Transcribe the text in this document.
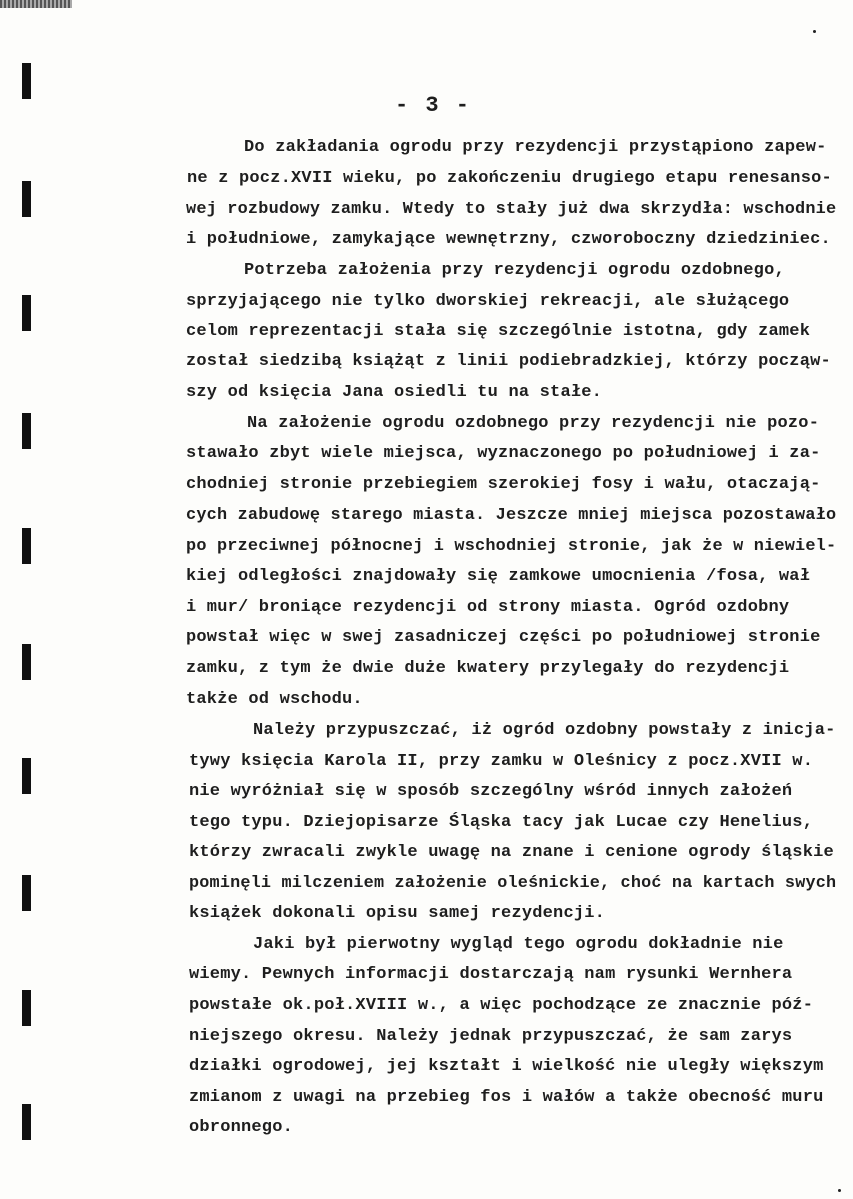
- 3 -
Do zakładania ogrodu przy rezydencji przystąpiono zapew-
ne z pocz.XVII wieku, po zakończeniu drugiego etapu renesanso-
wej rozbudowy zamku. Wtedy to stały już dwa skrzydła: wschodnie
i południowe, zamykające wewnętrzny, czworoboczny dziedziniec.
Potrzeba założenia przy rezydencji ogrodu ozdobnego,
sprzyjającego nie tylko dworskiej rekreacji, ale służącego
celom reprezentacji stała się szczególnie istotna, gdy zamek
został siedzibą książąt z linii podiebradzkiej, którzy począw-
szy od księcia Jana osiedli tu na stałe.
Na założenie ogrodu ozdobnego przy rezydencji nie pozo-
stawało zbyt wiele miejsca, wyznaczonego po południowej i za-
chodniej stronie przebiegiem szerokiej fosy i wału, otaczają-
cych zabudowę starego miasta. Jeszcze mniej miejsca pozostawało
po przeciwnej północnej i wschodniej stronie, jak że w niewiel-
kiej odległości znajdowały się zamkowe umocnienia /fosa, wał
i mur/ broniące rezydencji od strony miasta. Ogród ozdobny
powstał więc w swej zasadniczej części po południowej stronie
zamku, z tym że dwie duże kwatery przylegały do rezydencji
także od wschodu.
Należy przypuszczać, iż ogród ozdobny powstały z inicja-
tywy księcia Karola II, przy zamku w Oleśnicy z pocz.XVII w.
nie wyróżniał się w sposób szczególny wśród innych założeń
tego typu. Dziejopisarze Śląska tacy jak Lucae czy Henelius,
którzy zwracali zwykle uwagę na znane i cenione ogrody śląskie
pominęli milczeniem założenie oleśnickie, choć na kartach swych
książek dokonali opisu samej rezydencji.
Jaki był pierwotny wygląd tego ogrodu dokładnie nie
wiemy. Pewnych informacji dostarczają nam rysunki Wernhera
powstałe ok.poł.XVIII w., a więc pochodzące ze znacznie póź-
niejszego okresu. Należy jednak przypuszczać, że sam zarys
działki ogrodowej, jej kształt i wielkość nie uległy większym
zmianom z uwagi na przebieg fos i wałów a także obecność muru
obronnego.
